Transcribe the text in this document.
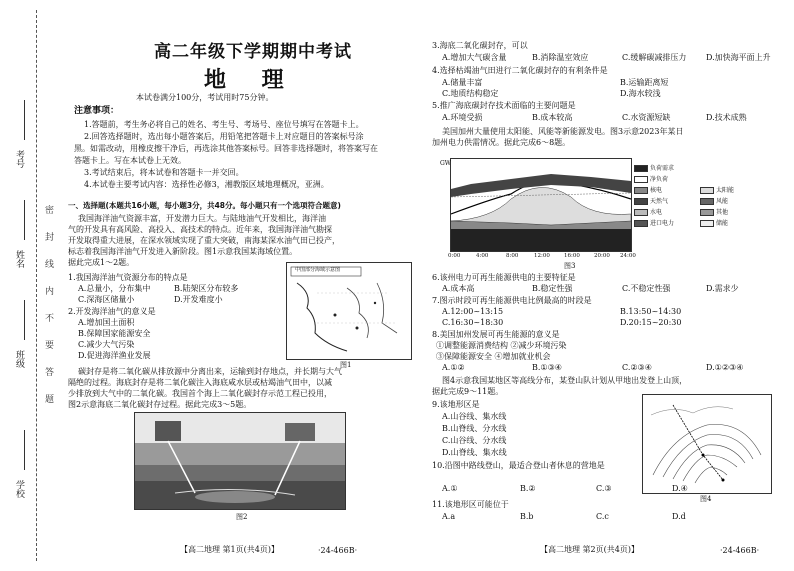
考号
姓名
班级
学校
密
封
线
内
不
要
答
题
高二年级下学期期中考试
地 理
本试卷满分100分，考试用时75分钟。
注意事项：
1.答题前，考生务必将自己的姓名、考生号、考场号、座位号填写在答题卡上。
2.回答选择题时，选出每小题答案后，用铅笔把答题卡上对应题目的答案标号涂
黑。如需改动，用橡皮擦干净后，再选涂其他答案标号。回答非选择题时，将答案写在
答题卡上。写在本试卷上无效。
3.考试结束后，将本试卷和答题卡一并交回。
4.本试卷主要考试内容：选择性必修3，湘教版区域地理概况，亚洲。
一、选择题(本题共16小题，每小题3分，共48分。每小题只有一个选项符合题意)
我国海洋油气资源丰富，开发潜力巨大。与陆地油气开发相比，海洋油
气的开发具有高风险、高投入、高技术的特点。近年来，我国海洋油气勘探
开发取得重大进展，在深水领域实现了重大突破，南海某深水油气田已投产，
标志着我国海洋油气开发进入新阶段。图1示意我国某海域位置。
据此完成1～2题。
1.我国海洋油气资源分布的特点是
A.总量小，分布集中	B.陆架区分布较多
C.深海区储量小	D.开发难度小
2.开发海洋油气的意义是
A.增加国土面积
B.保障国家能源安全
C.减少大气污染
D.促进海洋渔业发展
中国部分海域示意图
图1
碳封存是将二氧化碳从排放源中分离出来，运输到封存地点，并长期与大气
隔绝的过程。海底封存是将二氧化碳注入海底咸水层或枯竭油气田中，以减
少排放到大气中的二氧化碳。我国首个海上二氧化碳封存示范工程已投用，
图2示意海底二氧化碳封存过程。据此完成3～5题。
图2
【高二地理 第1页(共4页)】	·24-466B·
3.海底二氧化碳封存，可以
A.增加大气碳含量	B.消除温室效应	C.缓解碳减排压力 D.加快海平面上升
4.选择枯竭油气田进行二氧化碳封存的有利条件是
A.储量丰富	B.运输距离短
C.地质结构稳定	D.海水较浅
5.推广海底碳封存技术面临的主要问题是
A.环境受损	B.成本较高	C.水资源短缺	D.技术成熟
美国加州大量使用太阳能、风能等新能源发电。图3示意2023年某日
加州电力供需情况。据此完成6～8题。
GW
0:00	4:00	8:00	12:00	16:00	20:00 24:00
负荷需求
净负荷
核电
天然气
水电
太阳能
风能
其他
进口电力	储能
图3
6.该州电力可再生能源供电的主要特征是
A.成本高	B.稳定性强	C.不稳定性强	D.需求少
7.图示时段可再生能源供电比例最高的时段是
A.12:00~13:15	B.13:50~14:30
C.16:30~18:30	D.20:15~20:30
8.美国加州发展可再生能源的意义是
①调整能源消费结构 ②减少环境污染
③保障能源安全 ④增加就业机会
A.①②	B.①③④	C.②③④	D.①②③④
图4示意我国某地区等高线分布，某登山队计划从甲地出发登上山顶，
据此完成9～11题。
9.该地形区是
A.山谷线、集水线
B.山脊线、分水线
C.山谷线、分水线
D.山脊线、集水线
图4
10.沿图中路线登山，最适合登山者休息的营地是
A.①	B.②	C.③	D.④
11.该地形区可能位于
A.a	B.b	C.c	D.d
【高二地理 第2页(共4页)】	·24-466B·
